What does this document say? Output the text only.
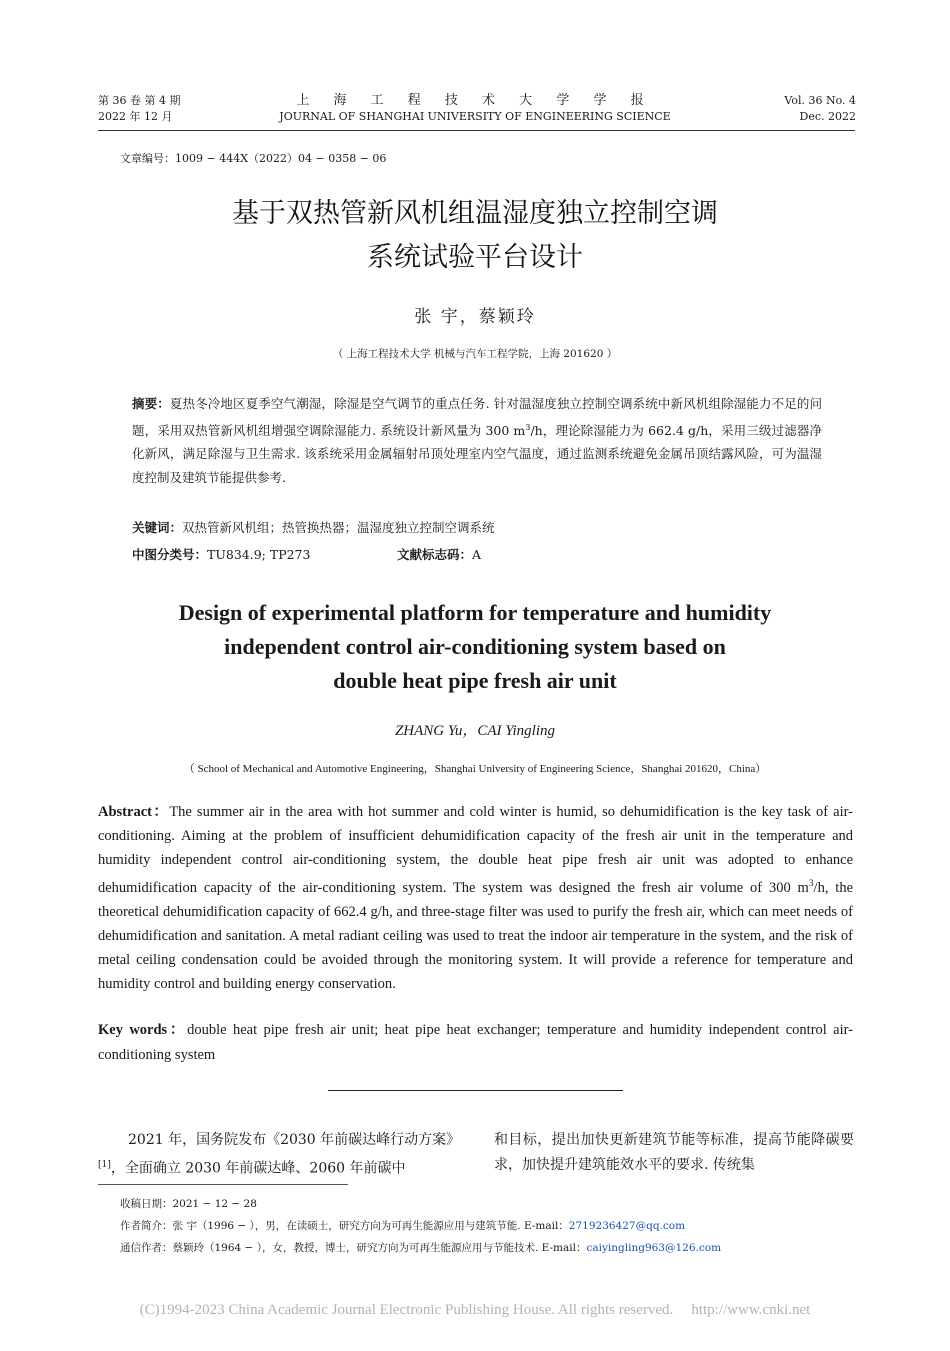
第 36 卷 第 4 期
2022 年 12 月
上 海 工 程 技 术 大 学 学 报
JOURNAL OF SHANGHAI UNIVERSITY OF ENGINEERING SCIENCE
Vol. 36 No. 4
Dec. 2022
文章编号：1009 − 444X（2022）04 − 0358 − 06
基于双热管新风机组温湿度独立控制空调
系统试验平台设计
张 宇，蔡颖玲
（ 上海工程技术大学 机械与汽车工程学院，上海 201620 ）
摘要：夏热冬冷地区夏季空气潮湿，除湿是空气调节的重点任务. 针对温湿度独立控制空调系统中新风机组除湿能力不足的问题，采用双热管新风机组增强空调除湿能力. 系统设计新风量为 300 $m^3/h$，理论除湿能力为 662.4 g/h，采用三级过滤器净化新风，满足除湿与卫生需求. 该系统采用金属辐射吊顶处理室内空气温度，通过监测系统避免金属吊顶结露风险，可为温湿度控制及建筑节能提供参考.
关键词：双热管新风机组；热管换热器；温湿度独立控制空调系统
中图分类号：TU834.9; TP273	文献标志码：A
Design of experimental platform for temperature and humidity
independent control air-conditioning system based on
double heat pipe fresh air unit
ZHANG Yu，CAI Yingling
（ School of Mechanical and Automotive Engineering，Shanghai University of Engineering Science，Shanghai 201620，China）
Abstract：The summer air in the area with hot summer and cold winter is humid, so dehumidification is the key task of air-conditioning. Aiming at the problem of insufficient dehumidification capacity of the fresh air unit in the temperature and humidity independent control air-conditioning system, the double heat pipe fresh air unit was adopted to enhance dehumidification capacity of the air-conditioning system. The system was designed the fresh air volume of 300 $m^3/h$, the theoretical dehumidification capacity of 662.4 g/h, and three-stage filter was used to purify the fresh air, which can meet needs of dehumidification and sanitation. A metal radiant ceiling was used to treat the indoor air temperature in the system, and the risk of metal ceiling condensation could be avoided through the monitoring system. It will provide a reference for temperature and humidity control and building energy conservation.
Key words：double heat pipe fresh air unit; heat pipe heat exchanger; temperature and humidity independent control air-conditioning system
2021 年，国务院发布《2030 年前碳达峰行动方案》[1]，全面确立 2030 年前碳达峰、2060 年前碳中
和目标，提出加快更新建筑节能等标准，提高节能降碳要求，加快提升建筑能效水平的要求. 传统集
收稿日期：2021 − 12 − 28
作者简介：张 宇（1996 − ），男，在读硕士，研究方向为可再生能源应用与建筑节能. E-mail：2719236427@qq.com
通信作者：蔡颖玲（1964 − ），女，教授，博士，研究方向为可再生能源应用与节能技术. E-mail：caiyingling963@126.com
(C)1994-2023 China Academic Journal Electronic Publishing House. All rights reserved. http://www.cnki.net
